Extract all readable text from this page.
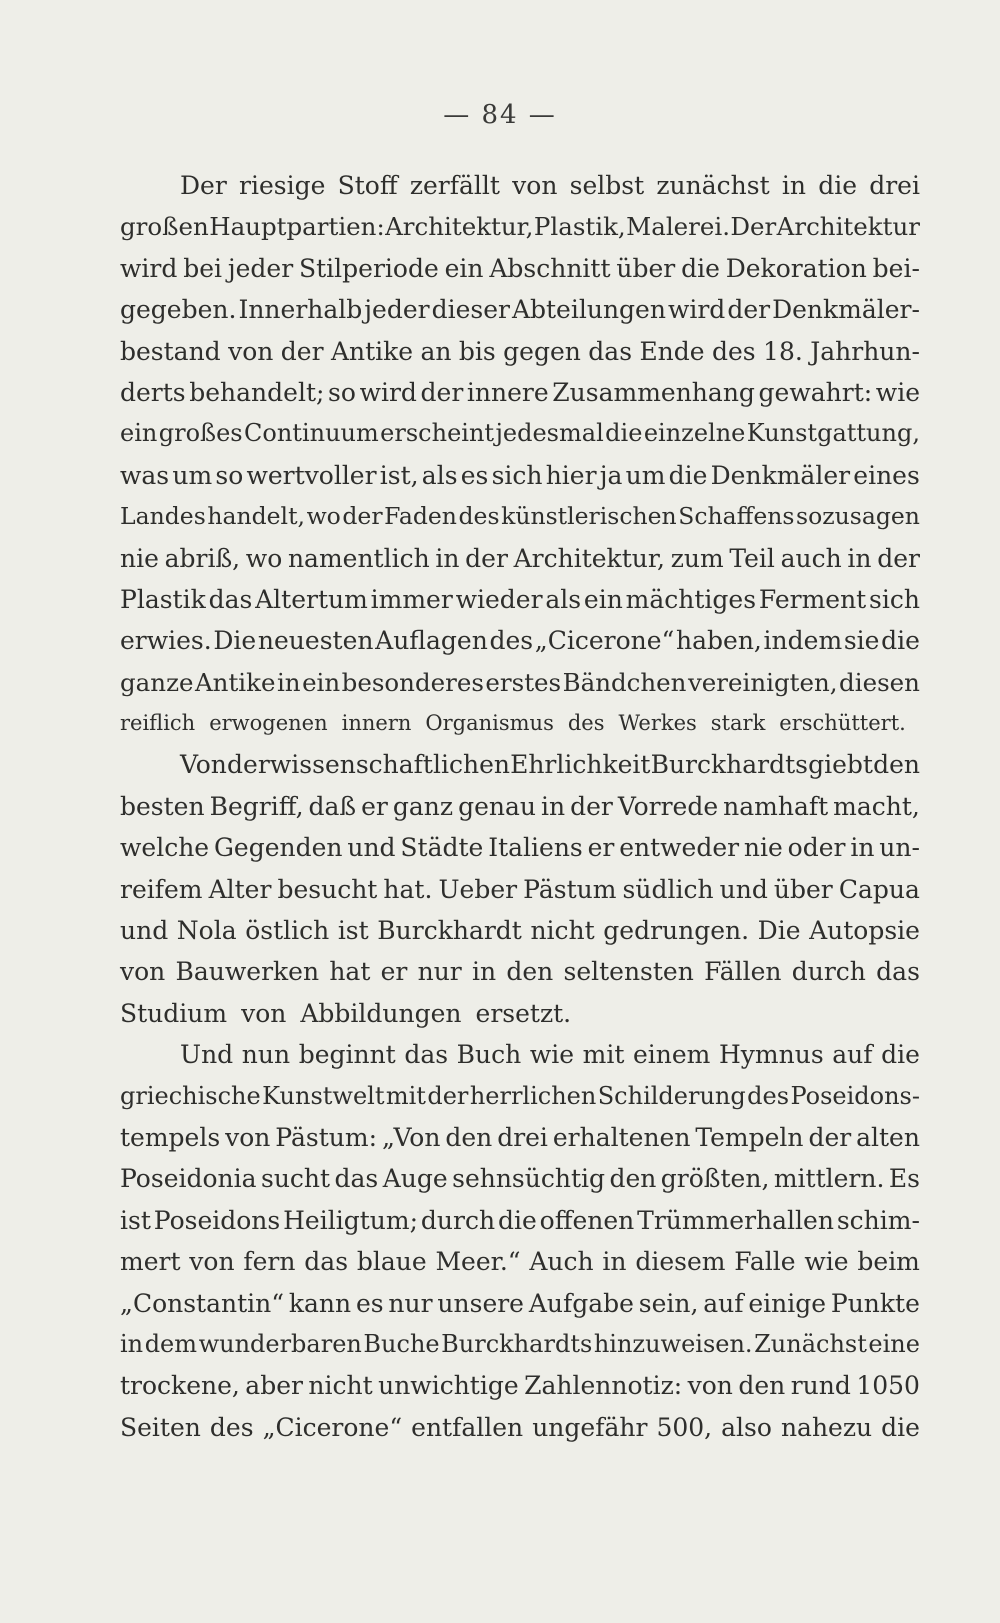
— 84 —
Der riesige Stoff zerfällt von selbst zunächst in die drei
großen Hauptpartien: Architektur, Plastik, Malerei. Der Architektur
wird bei jeder Stilperiode ein Abschnitt über die Dekoration bei-
gegeben. Innerhalb jeder dieser Abteilungen wird der Denkmäler-
bestand von der Antike an bis gegen das Ende des 18. Jahrhun-
derts behandelt; so wird der innere Zusammenhang gewahrt: wie
ein großes Continuum erscheint jedesmal die einzelne Kunstgattung,
was um so wertvoller ist, als es sich hier ja um die Denkmäler eines
Landes handelt, wo der Faden des künstlerischen Schaffens sozusagen
nie abriß, wo namentlich in der Architektur, zum Teil auch in der
Plastik das Altertum immer wieder als ein mächtiges Ferment sich
erwies. Die neuesten Auflagen des „Cicerone“ haben, indem sie die
ganze Antike in ein besonderes erstes Bändchen vereinigten, diesen
reiflich erwogenen innern Organismus des Werkes stark erschüttert.
Von der wissenschaftlichen Ehrlichkeit Burckhardts giebt den
besten Begriff, daß er ganz genau in der Vorrede namhaft macht,
welche Gegenden und Städte Italiens er entweder nie oder in un-
reifem Alter besucht hat. Ueber Pästum südlich und über Capua
und Nola östlich ist Burckhardt nicht gedrungen. Die Autopsie
von Bauwerken hat er nur in den seltensten Fällen durch das
Studium von Abbildungen ersetzt.
Und nun beginnt das Buch wie mit einem Hymnus auf die
griechische Kunstwelt mit der herrlichen Schilderung des Poseidons-
tempels von Pästum: „Von den drei erhaltenen Tempeln der alten
Poseidonia sucht das Auge sehnsüchtig den größten, mittlern. Es
ist Poseidons Heiligtum; durch die offenen Trümmerhallen schim-
mert von fern das blaue Meer.“ Auch in diesem Falle wie beim
„Constantin“ kann es nur unsere Aufgabe sein, auf einige Punkte
in dem wunderbaren Buche Burckhardts hinzuweisen. Zunächst eine
trockene, aber nicht unwichtige Zahlennotiz: von den rund 1050
Seiten des „Cicerone“ entfallen ungefähr 500, also nahezu die
